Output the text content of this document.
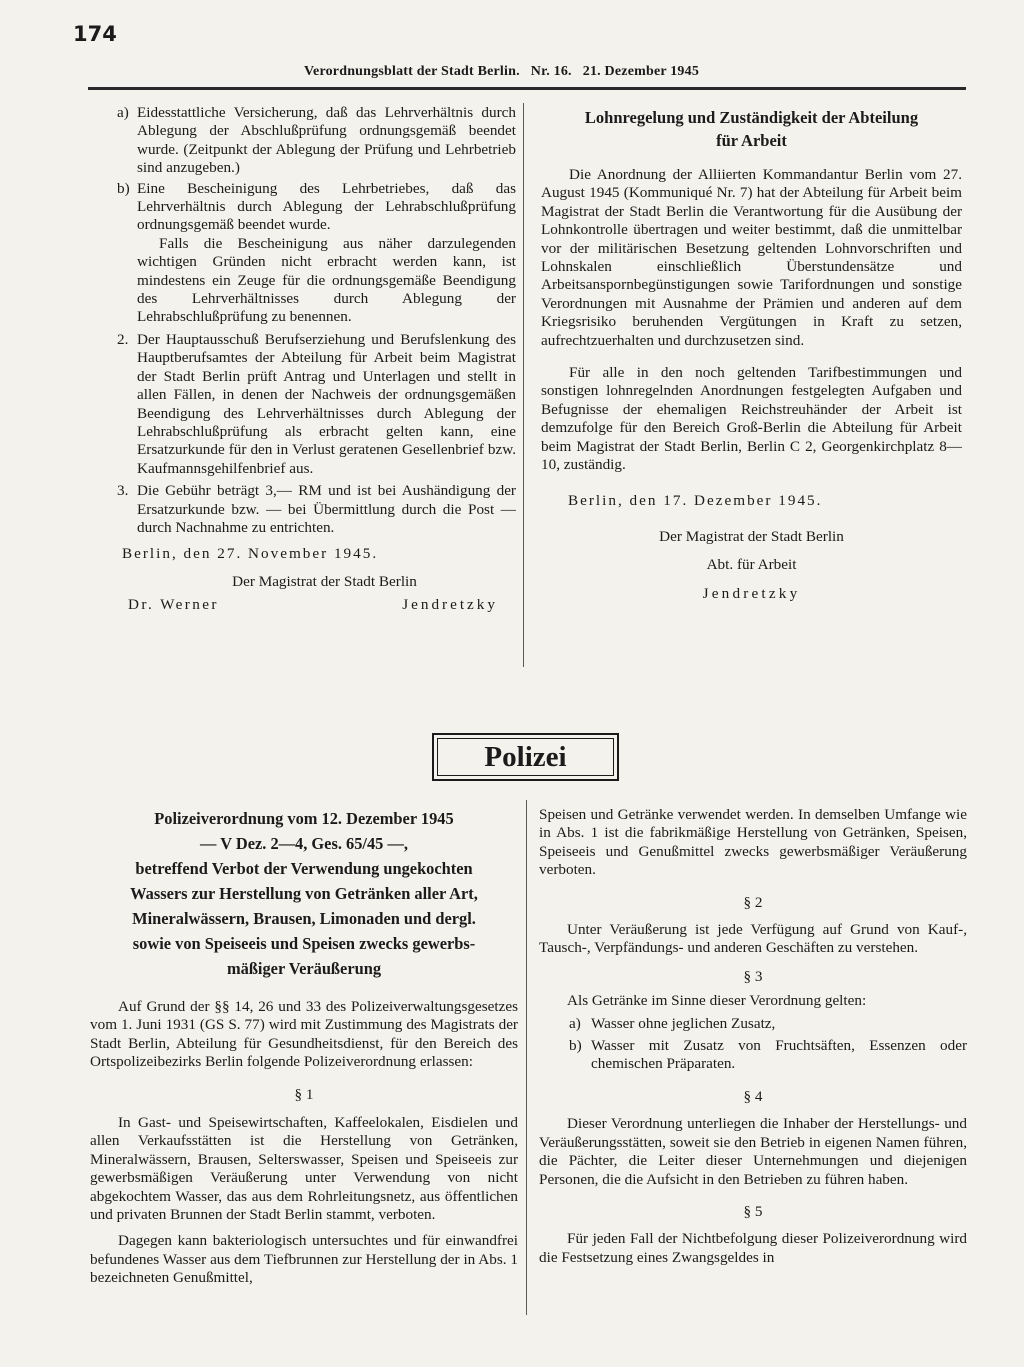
174
Verordnungsblatt der Stadt Berlin. Nr. 16. 21. Dezember 1945
a) Eidesstattliche Versicherung, daß das Lehrverhältnis durch Ablegung der Abschlußprüfung ordnungsgemäß beendet wurde. (Zeitpunkt der Ablegung der Prüfung und Lehrbetrieb sind anzugeben.)

b) Eine Bescheinigung des Lehrbetriebes, daß das Lehrverhältnis durch Ablegung der Lehrabschlußprüfung ordnungsgemäß beendet wurde.

Falls die Bescheinigung aus näher darzulegenden wichtigen Gründen nicht erbracht werden kann, ist mindestens ein Zeuge für die ordnungsgemäße Beendigung des Lehrverhältnisses durch Ablegung der Lehrabschlußprüfung zu benennen.

2. Der Hauptausschuß Berufserziehung und Berufslenkung des Hauptberufsamtes der Abteilung für Arbeit beim Magistrat der Stadt Berlin prüft Antrag und Unterlagen und stellt in allen Fällen, in denen der Nachweis der ordnungsgemäßen Beendigung des Lehrverhältnisses durch Ablegung der Lehrabschlußprüfung als erbracht gelten kann, eine Ersatzurkunde für den in Verlust geratenen Gesellenbrief bzw. Kaufmannsgehilfenbrief aus.

3. Die Gebühr beträgt 3,— RM und ist bei Aushändigung der Ersatzurkunde bzw. — bei Übermittlung durch die Post — durch Nachnahme zu entrichten.

Berlin, den 27. November 1945.

Der Magistrat der Stadt Berlin

Dr. Werner	Jendretzky

Lohnregelung und Zuständigkeit der Abteilung

für Arbeit

Die Anordnung der Alliierten Kommandantur Berlin vom 27. August 1945 (Kommuniqué Nr. 7) hat der Abteilung für Arbeit beim Magistrat der Stadt Berlin die Verantwortung für die Ausübung der Lohnkontrolle übertragen und weiter bestimmt, daß die unmittelbar vor der militärischen Besetzung geltenden Lohnvorschriften und Lohnskalen einschließlich Überstundensätze und Arbeitsanspornbegünstigungen sowie Tarifordnungen und sonstige Verordnungen mit Ausnahme der Prämien und anderen auf dem Kriegsrisiko beruhenden Vergütungen in Kraft zu setzen, aufrechtzuerhalten und durchzusetzen sind.

Für alle in den noch geltenden Tarifbestimmungen und sonstigen lohnregelnden Anordnungen festgelegten Aufgaben und Befugnisse der ehemaligen Reichstreuhänder der Arbeit ist demzufolge für den Bereich Groß-Berlin die Abteilung für Arbeit beim Magistrat der Stadt Berlin, Berlin C 2, Georgenkirchplatz 8—10, zuständig.

Berlin, den 17. Dezember 1945.

Der Magistrat der Stadt Berlin

Abt. für Arbeit

Jendretzky

Polizei
Polizeiverordnung vom 12. Dezember 1945
— V Dez. 2—4, Ges. 65/45 —,
betreffend Verbot der Verwendung ungekochten
Wassers zur Herstellung von Getränken aller Art,
Mineralwässern, Brausen, Limonaden und dergl.
sowie von Speiseeis und Speisen zwecks gewerbs-
mäßiger Veräußerung

Auf Grund der §§ 14, 26 und 33 des Polizeiverwaltungsgesetzes vom 1. Juni 1931 (GS S. 77) wird mit Zustimmung des Magistrats der Stadt Berlin, Abteilung für Gesundheitsdienst, für den Bereich des Ortspolizeibezirks Berlin folgende Polizeiverordnung erlassen:

§ 1

In Gast- und Speisewirtschaften, Kaffeelokalen, Eisdielen und allen Verkaufsstätten ist die Herstellung von Getränken, Mineralwässern, Brausen, Selterswasser, Speisen und Speiseeis zur gewerbsmäßigen Veräußerung unter Verwendung von nicht abgekochtem Wasser, das aus dem Rohrleitungsnetz, aus öffentlichen und privaten Brunnen der Stadt Berlin stammt, verboten.

Dagegen kann bakteriologisch untersuchtes und für einwandfrei befundenes Wasser aus dem Tiefbrunnen zur Herstellung der in Abs. 1 bezeichneten Genußmittel,

Speisen und Getränke verwendet werden. In demselben Umfange wie in Abs. 1 ist die fabrikmäßige Herstellung von Getränken, Speisen, Speiseeis und Genußmittel zwecks gewerbsmäßiger Veräußerung verboten.

§ 2

Unter Veräußerung ist jede Verfügung auf Grund von Kauf-, Tausch-, Verpfändungs- und anderen Geschäften zu verstehen.

§ 3

Als Getränke im Sinne dieser Verordnung gelten:

a) Wasser ohne jeglichen Zusatz,

b) Wasser mit Zusatz von Fruchtsäften, Essenzen oder chemischen Präparaten.

§ 4

Dieser Verordnung unterliegen die Inhaber der Herstellungs- und Veräußerungsstätten, soweit sie den Betrieb in eigenen Namen führen, die Pächter, die Leiter dieser Unternehmungen und diejenigen Personen, die die Aufsicht in den Betrieben zu führen haben.

§ 5

Für jeden Fall der Nichtbefolgung dieser Polizeiverordnung wird die Festsetzung eines Zwangsgeldes in
